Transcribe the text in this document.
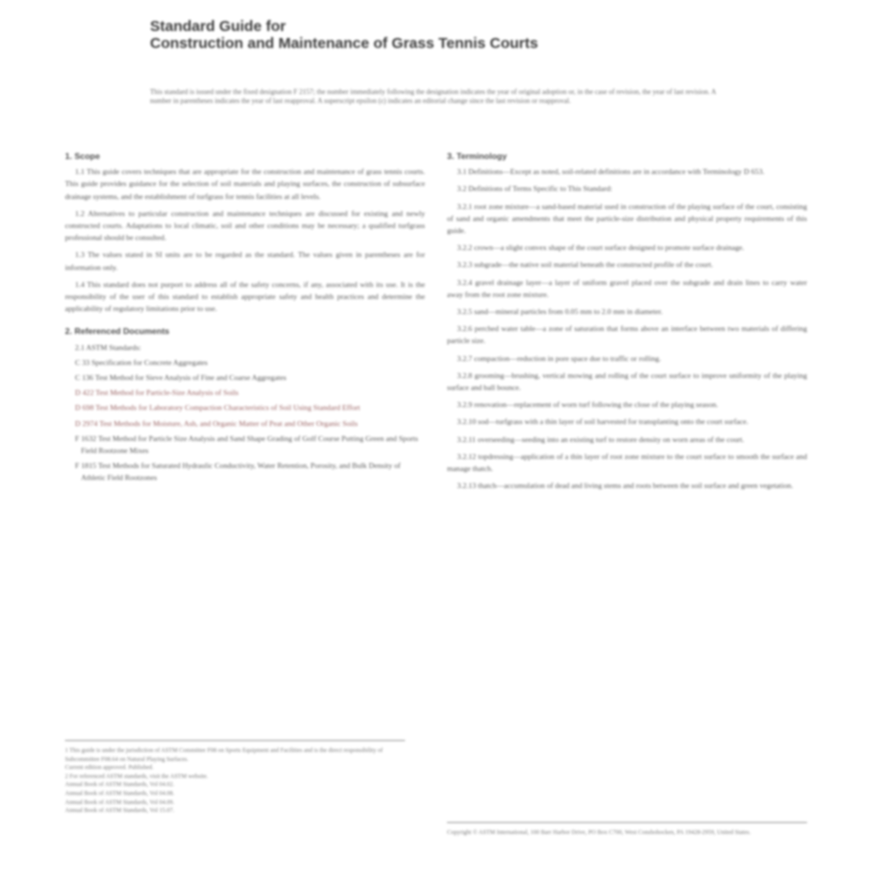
Standard Guide for
Construction and Maintenance of Grass Tennis Courts
This standard is issued under the fixed designation F 2157; the number immediately following the designation indicates the year of original adoption or, in the case of revision, the year of last revision. A number in parentheses indicates the year of last reapproval. A superscript epsilon (ε) indicates an editorial change since the last revision or reapproval.
1. Scope

1.1 This guide covers techniques that are appropriate for the construction and maintenance of grass tennis courts. This guide provides guidance for the selection of soil materials and playing surfaces, the construction of subsurface drainage systems, and the establishment of turfgrass for tennis facilities at all levels.

1.2 Alternatives to particular construction and maintenance techniques are discussed for existing and newly constructed courts. Adaptations to local climatic, soil and other conditions may be necessary; a qualified turfgrass professional should be consulted.

1.3 The values stated in SI units are to be regarded as the standard. The values given in parentheses are for information only.

1.4 This standard does not purport to address all of the safety concerns, if any, associated with its use. It is the responsibility of the user of this standard to establish appropriate safety and health practices and determine the applicability of regulatory limitations prior to use.

2. Referenced Documents
2.1 ASTM Standards:
C 33 Specification for Concrete Aggregates
C 136 Test Method for Sieve Analysis of Fine and Coarse Aggregates
D 422 Test Method for Particle-Size Analysis of Soils
D 698 Test Methods for Laboratory Compaction Characteristics of Soil Using Standard Effort
D 2974 Test Methods for Moisture, Ash, and Organic Matter of Peat and Other Organic Soils
F 1632 Test Method for Particle Size Analysis and Sand Shape Grading of Golf Course Putting Green and Sports Field Rootzone Mixes
F 1815 Test Methods for Saturated Hydraulic Conductivity, Water Retention, Porosity, and Bulk Density of Athletic Field Rootzones
3. Terminology

3.1 Definitions—Except as noted, soil-related definitions are in accordance with Terminology D 653.

3.2 Definitions of Terms Specific to This Standard:

3.2.1 root zone mixture—a sand-based material used in construction of the playing surface of the court, consisting of sand and organic amendments that meet the particle-size distribution and physical property requirements of this guide.

3.2.2 crown—a slight convex shape of the court surface designed to promote surface drainage.

3.2.3 subgrade—the native soil material beneath the constructed profile of the court.

3.2.4 gravel drainage layer—a layer of uniform gravel placed over the subgrade and drain lines to carry water away from the root zone mixture.

3.2.5 sand—mineral particles from 0.05 mm to 2.0 mm in diameter.

3.2.6 perched water table—a zone of saturation that forms above an interface between two materials of differing particle size.

3.2.7 compaction—reduction in pore space due to traffic or rolling.

3.2.8 grooming—brushing, vertical mowing and rolling of the court surface to improve uniformity of the playing surface and ball bounce.

3.2.9 renovation—replacement of worn turf following the close of the playing season.

3.2.10 sod—turfgrass with a thin layer of soil harvested for transplanting onto the court surface.

3.2.11 overseeding—seeding into an existing turf to restore density on worn areas of the court.

3.2.12 topdressing—application of a thin layer of root zone mixture to the court surface to smooth the surface and manage thatch.

3.2.13 thatch—accumulation of dead and living stems and roots between the soil surface and green vegetation.

1 This guide is under the jurisdiction of ASTM Committee F08 on Sports Equipment and Facilities and is the direct responsibility of Subcommittee F08.64 on Natural Playing Surfaces.
Current edition approved. Published.
2 For referenced ASTM standards, visit the ASTM website.
Annual Book of ASTM Standards, Vol 04.02.
Annual Book of ASTM Standards, Vol 04.08.
Annual Book of ASTM Standards, Vol 04.09.
Annual Book of ASTM Standards, Vol 15.07.
Copyright © ASTM International, 100 Barr Harbor Drive, PO Box C700, West Conshohocken, PA 19428-2959, United States.
